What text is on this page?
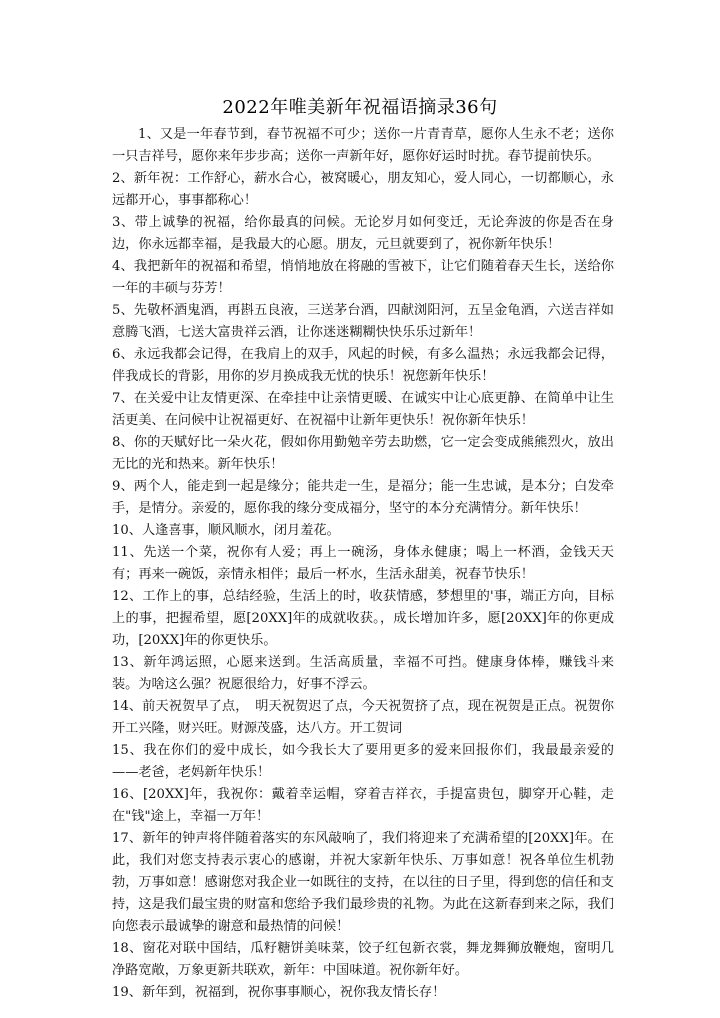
2022年唯美新年祝福语摘录36句

1、又是一年春节到，春节祝福不可少；送你一片青青草，愿你人生永不老；送你一只吉祥号，愿你来年步步高；送你一声新年好，愿你好运时时扰。春节提前快乐。

2、新年祝：工作舒心，薪水合心，被窝暖心，朋友知心，爱人同心，一切都顺心，永远都开心，事事都称心！

3、带上诚挚的祝福，给你最真的问候。无论岁月如何变迁，无论奔波的你是否在身边，你永远都幸福，是我最大的心愿。朋友，元旦就要到了，祝你新年快乐！

4、我把新年的祝福和希望，悄悄地放在将融的雪被下，让它们随着春天生长，送给你一年的丰硕与芬芳！

5、先敬杯酒鬼酒，再斟五良液，三送茅台酒，四献浏阳河，五呈金龟酒，六送吉祥如意腾飞酒，七送大富贵祥云酒，让你迷迷糊糊快快乐乐过新年！

6、永远我都会记得，在我肩上的双手，风起的时候，有多么温热；永远我都会记得，伴我成长的背影，用你的岁月换成我无忧的快乐！祝您新年快乐！

7、在关爱中让友情更深、在牵挂中让亲情更暖、在诚实中让心底更静、在简单中让生活更美、在问候中让祝福更好、在祝福中让新年更快乐！祝你新年快乐！

8、你的天赋好比一朵火花，假如你用勤勉辛劳去助燃，它一定会变成熊熊烈火，放出无比的光和热来。新年快乐！

9、两个人，能走到一起是缘分；能共走一生，是福分；能一生忠诚，是本分；白发牵手，是情分。亲爱的，愿你我的缘分变成福分，坚守的本分充满情分。新年快乐！

10、人逢喜事，顺风顺水，闭月羞花。

11、先送一个菜，祝你有人爱；再上一碗汤，身体永健康；喝上一杯酒，金钱天天有；再来一碗饭，亲情永相伴；最后一杯水，生活永甜美，祝春节快乐！

12、工作上的事，总结经验，生活上的时，收获情感，梦想里的'事，端正方向，目标上的事，把握希望，愿[20XX]年的成就收获。，成长增加许多，愿[20XX]年的你更成功，[20XX]年的你更快乐。

13、新年鸿运照，心愿来送到。生活高质量，幸福不可挡。健康身体棒，赚钱斗来装。为啥这么强？祝愿很给力，好事不浮云。

14、前天祝贺早了点，　明天祝贺迟了点，今天祝贺挤了点，现在祝贺是正点。祝贺你开工兴隆，财兴旺。财源茂盛，达八方。开工贺词

15、我在你们的爱中成长，如今我长大了要用更多的爱来回报你们，我最最亲爱的——老爸，老妈新年快乐！

16、[20XX]年，我祝你：戴着幸运帽，穿着吉祥衣，手提富贵包，脚穿开心鞋，走在"钱"途上，幸福一万年！

17、新年的钟声将伴随着落实的东风敲响了，我们将迎来了充满希望的[20XX]年。在此，我们对您支持表示衷心的感谢，并祝大家新年快乐、万事如意！祝各单位生机勃勃，万事如意！感谢您对我企业一如既往的支持，在以往的日子里，得到您的信任和支持，这是我们最宝贵的财富和您给予我们最珍贵的礼物。为此在这新春到来之际，我们向您表示最诚挚的谢意和最热情的问候！

18、窗花对联中国结，瓜籽糖饼美味菜，饺子红包新衣裳，舞龙舞狮放鞭炮，窗明几净路宽敞，万象更新共联欢，新年：中国味道。祝你新年好。

19、新年到，祝福到，祝你事事顺心，祝你我友情长存！
